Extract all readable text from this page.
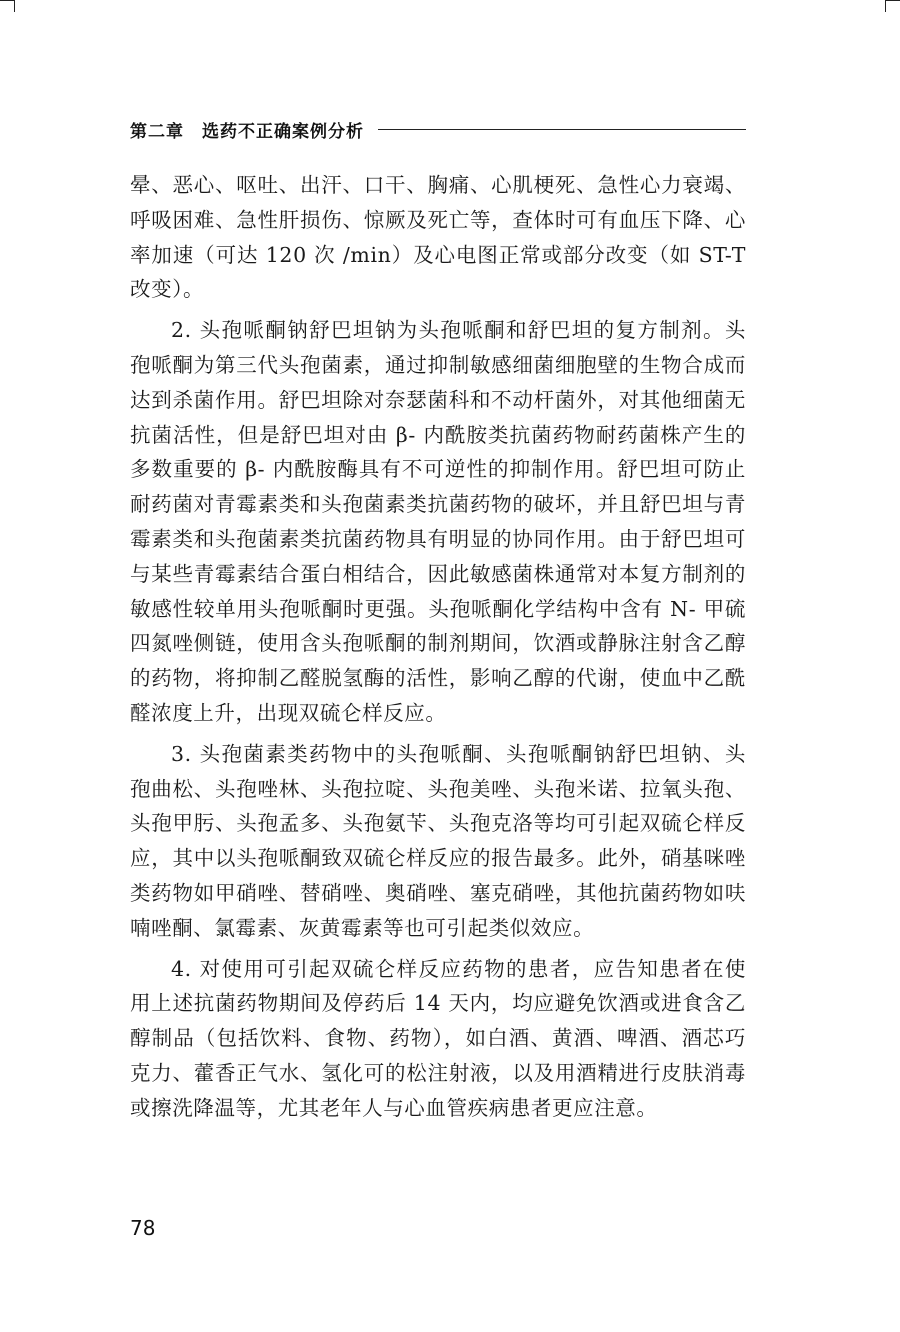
第二章　选药不正确案例分析

晕、恶心、呕吐、出汗、口干、胸痛、心肌梗死、急性心力衰竭、呼吸困难、急性肝损伤、惊厥及死亡等，查体时可有血压下降、心率加速（可达 120 次 /min）及心电图正常或部分改变（如 ST-T 改变）。

2. 头孢哌酮钠舒巴坦钠为头孢哌酮和舒巴坦的复方制剂。头孢哌酮为第三代头孢菌素，通过抑制敏感细菌细胞壁的生物合成而达到杀菌作用。舒巴坦除对奈瑟菌科和不动杆菌外，对其他细菌无抗菌活性，但是舒巴坦对由 β- 内酰胺类抗菌药物耐药菌株产生的多数重要的 β- 内酰胺酶具有不可逆性的抑制作用。舒巴坦可防止耐药菌对青霉素类和头孢菌素类抗菌药物的破坏，并且舒巴坦与青霉素类和头孢菌素类抗菌药物具有明显的协同作用。由于舒巴坦可与某些青霉素结合蛋白相结合，因此敏感菌株通常对本复方制剂的敏感性较单用头孢哌酮时更强。头孢哌酮化学结构中含有 N- 甲硫四氮唑侧链，使用含头孢哌酮的制剂期间，饮酒或静脉注射含乙醇的药物，将抑制乙醛脱氢酶的活性，影响乙醇的代谢，使血中乙酰醛浓度上升，出现双硫仑样反应。

3. 头孢菌素类药物中的头孢哌酮、头孢哌酮钠舒巴坦钠、头孢曲松、头孢唑林、头孢拉啶、头孢美唑、头孢米诺、拉氧头孢、头孢甲肟、头孢孟多、头孢氨苄、头孢克洛等均可引起双硫仑样反应，其中以头孢哌酮致双硫仑样反应的报告最多。此外，硝基咪唑类药物如甲硝唑、替硝唑、奥硝唑、塞克硝唑，其他抗菌药物如呋喃唑酮、氯霉素、灰黄霉素等也可引起类似效应。

4. 对使用可引起双硫仑样反应药物的患者，应告知患者在使用上述抗菌药物期间及停药后 14 天内，均应避免饮酒或进食含乙醇制品（包括饮料、食物、药物），如白酒、黄酒、啤酒、酒芯巧克力、藿香正气水、氢化可的松注射液，以及用酒精进行皮肤消毒或擦洗降温等，尤其老年人与心血管疾病患者更应注意。

78
